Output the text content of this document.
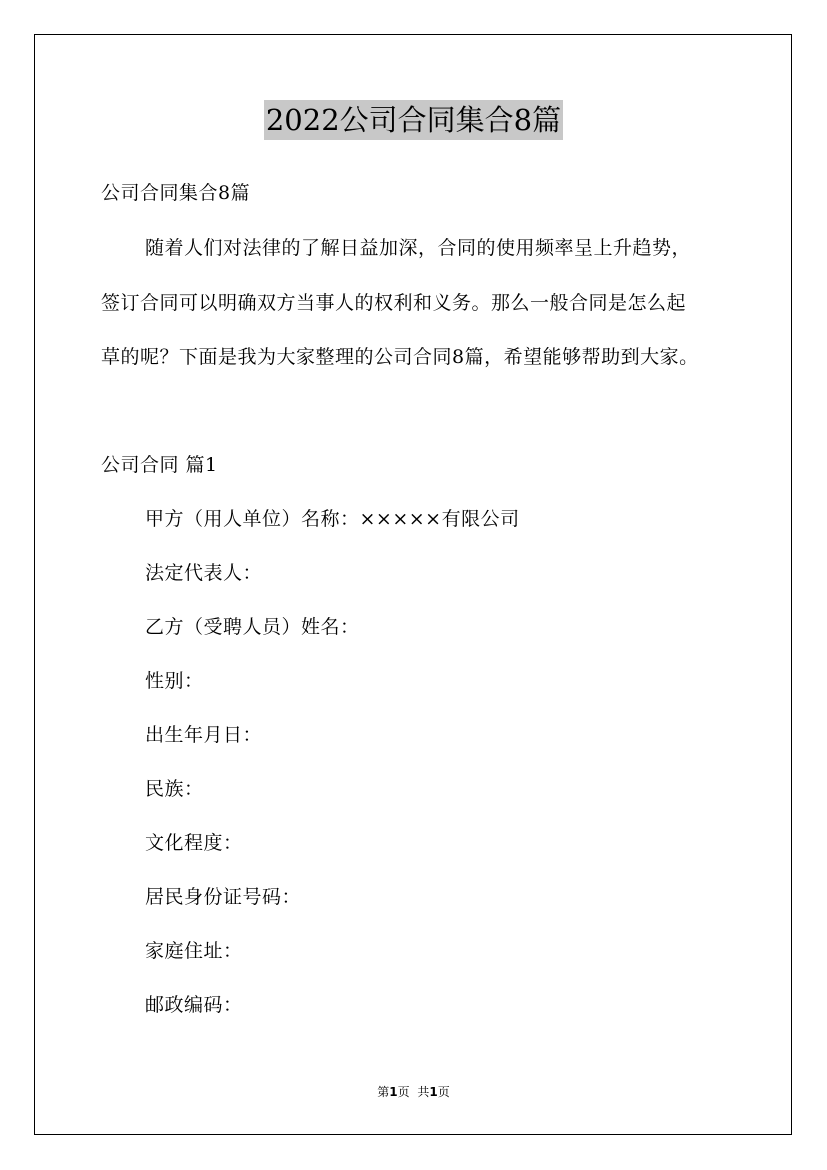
2022公司合同集合8篇
公司合同集合8篇
随着人们对法律的了解日益加深，合同的使用频率呈上升趋势，
签订合同可以明确双方当事人的权利和义务。那么一般合同是怎么起
草的呢？下面是我为大家整理的公司合同8篇，希望能够帮助到大家。
公司合同 篇1
甲方（用人单位）名称：×××××有限公司
法定代表人：
乙方（受聘人员）姓名：
性别：
出生年月日：
民族：
文化程度：
居民身份证号码：
家庭住址：
邮政编码：
第1页 共1页
